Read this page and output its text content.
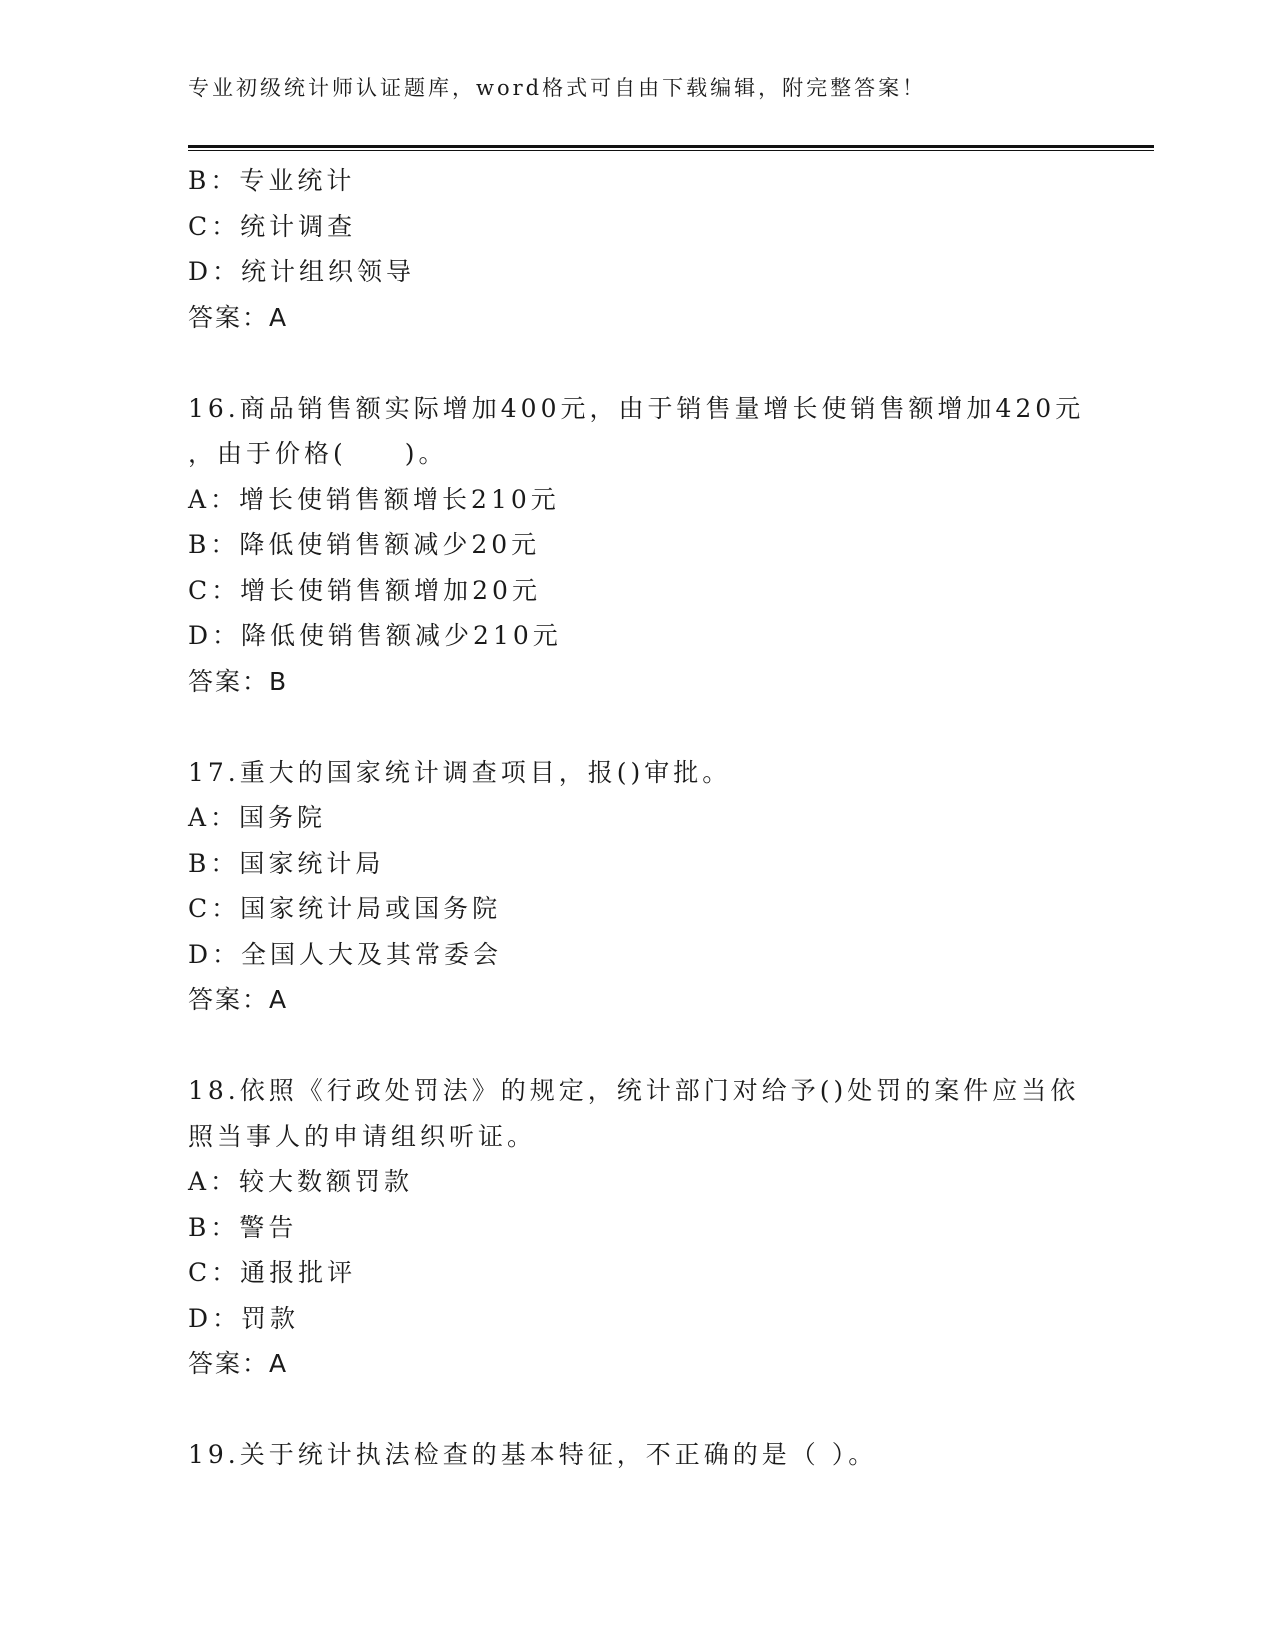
专业初级统计师认证题库，word格式可自由下载编辑，附完整答案！
B：专业统计
C：统计调查
D：统计组织领导
答案：A
16.商品销售额实际增加400元，由于销售量增长使销售额增加420元
，由于价格(　　)。
A：增长使销售额增长210元
B：降低使销售额减少20元
C：增长使销售额增加20元
D：降低使销售额减少210元
答案：B
17.重大的国家统计调查项目，报()审批。
A：国务院
B：国家统计局
C：国家统计局或国务院
D：全国人大及其常委会
答案：A
18.依照《行政处罚法》的规定，统计部门对给予()处罚的案件应当依
照当事人的申请组织听证。
A：较大数额罚款
B：警告
C：通报批评
D：罚款
答案：A
19.关于统计执法检查的基本特征，不正确的是（ ）。
